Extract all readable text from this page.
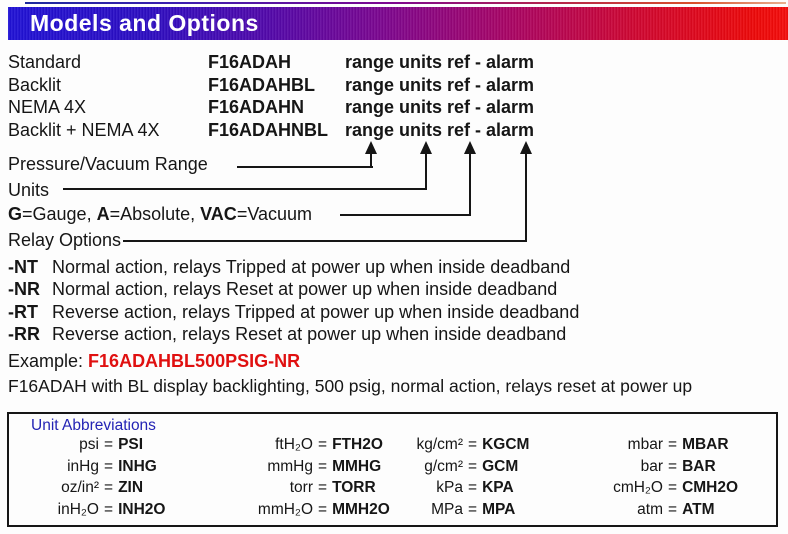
Models and Options
Standard	F16ADAH	range units ref - alarm
Backlit	F16ADAHBL	range units ref - alarm
NEMA 4X	F16ADAHN	range units ref - alarm
Backlit + NEMA 4X	F16ADAHNBL range units ref - alarm
Pressure/Vacuum Range
Units
G=Gauge, A=Absolute, VAC=Vacuum
Relay Options
-NT Normal action, relays Tripped at power up when inside deadband
-NR Normal action, relays Reset at power up when inside deadband
-RT Reverse action, relays Tripped at power up when inside deadband
-RR Reverse action, relays Reset at power up when inside deadband
Example: F16ADAHBL500PSIG-NR
F16ADAH with BL display backlighting, 500 psig, normal action, relays reset at power up
Unit Abbreviations
psi = PSI
inHg = INHG
oz/in² = ZIN
inH₂O = INH2O
ftH₂O = FTH2O
mmHg = MMHG
torr = TORR
mmH₂O = MMH2O
kg/cm² = KGCM
g/cm² = GCM
kPa = KPA
MPa = MPA
mbar = MBAR
bar = BAR
cmH₂O = CMH2O
atm = ATM
